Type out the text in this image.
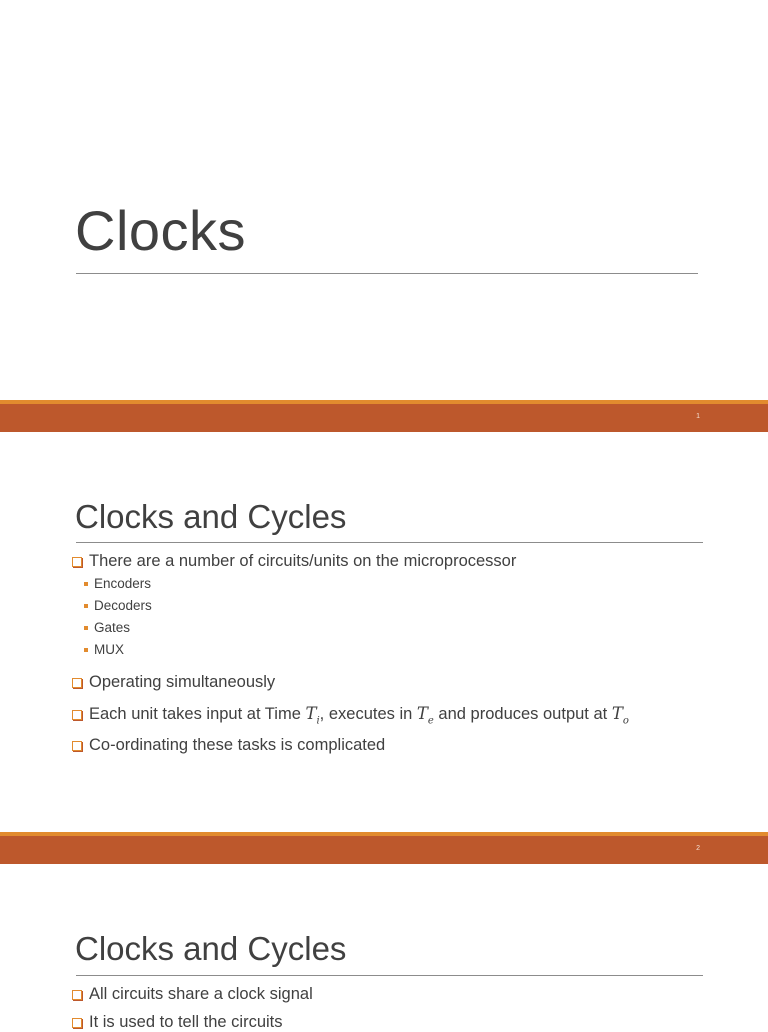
Clocks
1
Clocks and Cycles
There are a number of circuits/units on the microprocessor
Encoders
Decoders
Gates
MUX
Operating simultaneously
Each unit takes input at Time $T_i$, executes in $T_e$ and produces output at $T_o$
Co-ordinating these tasks is complicated
2
Clocks and Cycles
All circuits share a clock signal
It is used to tell the circuits
